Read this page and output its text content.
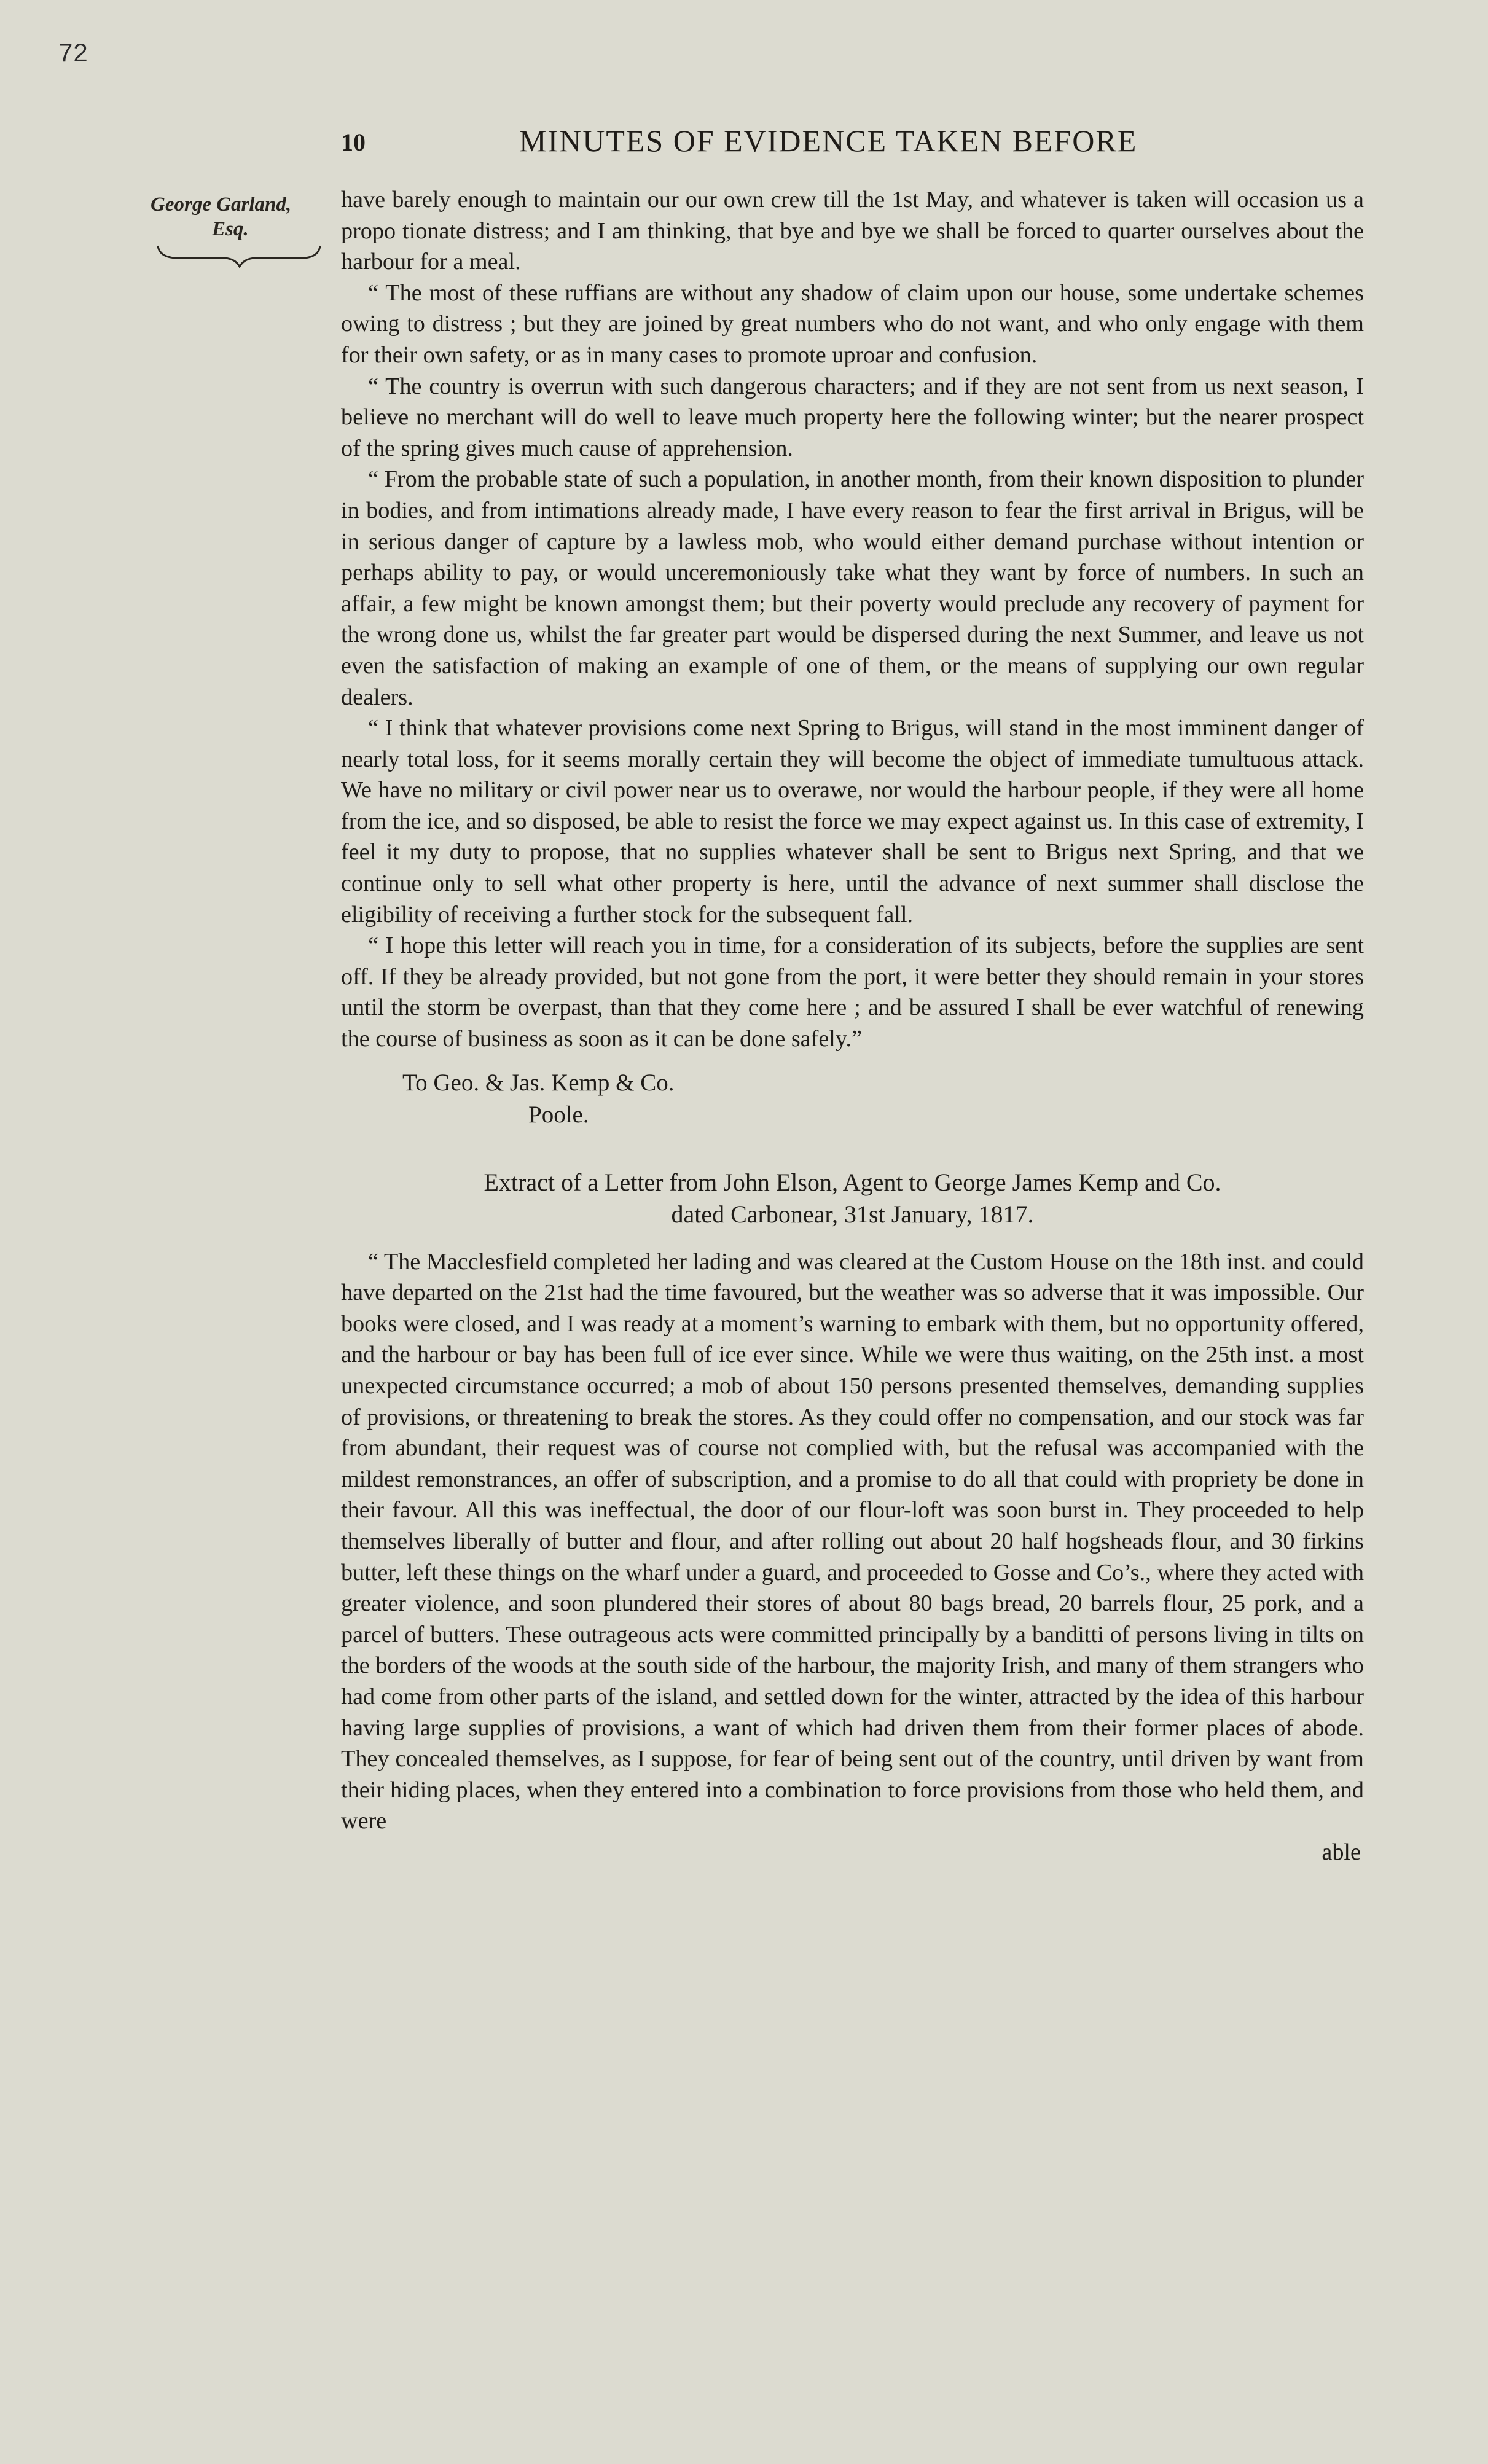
72
10	MINUTES OF EVIDENCE TAKEN BEFORE
George Garland,
Esq.

have barely enough to maintain our our own crew till the 1st May, and whatever is taken will occasion us a propo tionate distress; and I am thinking, that bye and bye we shall be forced to quarter ourselves about the harbour for a meal.

“ The most of these ruffians are without any shadow of claim upon our house, some undertake schemes owing to distress ; but they are joined by great numbers who do not want, and who only engage with them for their own safety, or as in many cases to promote uproar and confusion.

“ The country is overrun with such dangerous characters; and if they are not sent from us next season, I believe no merchant will do well to leave much property here the following winter; but the nearer prospect of the spring gives much cause of apprehension.

“ From the probable state of such a population, in another month, from their known disposition to plunder in bodies, and from intimations already made, I have every reason to fear the first arrival in Brigus, will be in serious danger of capture by a lawless mob, who would either demand purchase without intention or perhaps ability to pay, or would unceremoniously take what they want by force of numbers. In such an affair, a few might be known amongst them; but their poverty would preclude any recovery of payment for the wrong done us, whilst the far greater part would be dispersed during the next Summer, and leave us not even the satisfaction of making an example of one of them, or the means of supplying our own regular dealers.

“ I think that whatever provisions come next Spring to Brigus, will stand in the most imminent danger of nearly total loss, for it seems morally certain they will become the object of immediate tumultuous attack. We have no military or civil power near us to overawe, nor would the harbour people, if they were all home from the ice, and so disposed, be able to resist the force we may expect against us. In this case of extremity, I feel it my duty to propose, that no supplies whatever shall be sent to Brigus next Spring, and that we continue only to sell what other property is here, until the advance of next summer shall disclose the eligibility of receiving a further stock for the subsequent fall.

“ I hope this letter will reach you in time, for a consideration of its subjects, before the supplies are sent off. If they be already provided, but not gone from the port, it were better they should remain in your stores until the storm be overpast, than that they come here ; and be assured I shall be ever watchful of renewing the course of business as soon as it can be done safely.”

To Geo. & Jas. Kemp & Co.
Poole.
Extract of a Letter from John Elson, Agent to George James Kemp and Co.
dated Carbonear, 31st January, 1817.

“ The Macclesfield completed her lading and was cleared at the Custom House on the 18th inst. and could have departed on the 21st had the time favoured, but the weather was so adverse that it was impossible. Our books were closed, and I was ready at a moment’s warning to embark with them, but no opportunity offered, and the harbour or bay has been full of ice ever since. While we were thus waiting, on the 25th inst. a most unexpected circumstance occurred; a mob of about 150 persons presented themselves, demanding supplies of provisions, or threatening to break the stores. As they could offer no compensation, and our stock was far from abundant, their request was of course not complied with, but the refusal was accompanied with the mildest remonstrances, an offer of subscription, and a promise to do all that could with propriety be done in their favour. All this was ineffectual, the door of our flour-loft was soon burst in. They proceeded to help themselves liberally of butter and flour, and after rolling out about 20 half hogsheads flour, and 30 firkins butter, left these things on the wharf under a guard, and proceeded to Gosse and Co’s., where they acted with greater violence, and soon plundered their stores of about 80 bags bread, 20 barrels flour, 25 pork, and a parcel of butters. These outrageous acts were committed principally by a banditti of persons living in tilts on the borders of the woods at the south side of the harbour, the majority Irish, and many of them strangers who had come from other parts of the island, and settled down for the winter, attracted by the idea of this harbour having large supplies of provisions, a want of which had driven them from their former places of abode. They concealed themselves, as I suppose, for fear of being sent out of the country, until driven by want from their hiding places, when they entered into a combination to force provisions from those who held them, and were

able
